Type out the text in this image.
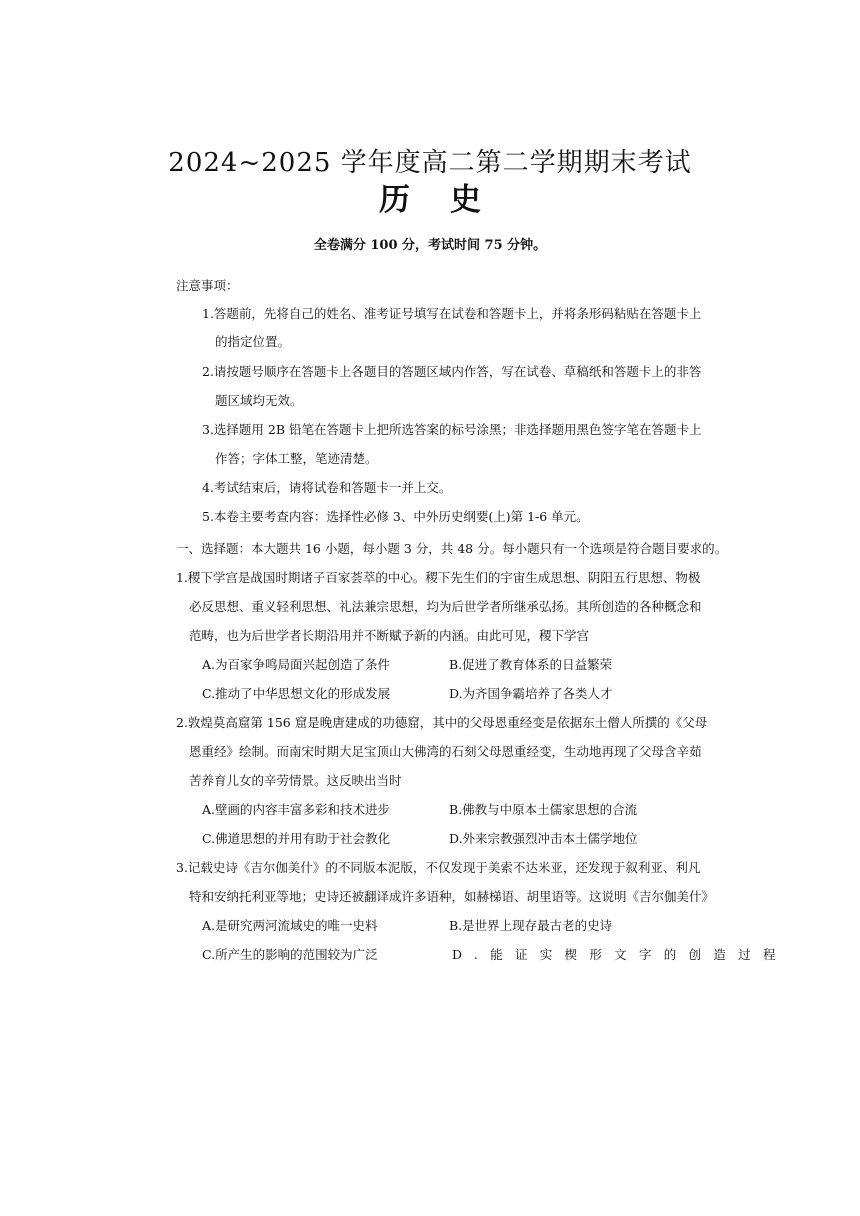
2024~2025 学年度高二第二学期期末考试
历史
全卷满分 100 分，考试时间 75 分钟。
注意事项：
1.答题前，先将自己的姓名、准考证号填写在试卷和答题卡上，并将条形码粘贴在答题卡上
的指定位置。
2.请按题号顺序在答题卡上各题目的答题区域内作答，写在试卷、草稿纸和答题卡上的非答
题区域均无效。
3.选择题用 2B 铅笔在答题卡上把所选答案的标号涂黑；非选择题用黑色签字笔在答题卡上
作答；字体工整，笔迹清楚。
4.考试结束后，请将试卷和答题卡一并上交。
5.本卷主要考查内容：选择性必修 3、中外历史纲要(上)第 1-6 单元。
一、选择题：本大题共 16 小题，每小题 3 分，共 48 分。每小题只有一个选项是符合题目要求的。
1.稷下学宫是战国时期诸子百家荟萃的中心。稷下先生们的宇宙生成思想、阴阳五行思想、物极
必反思想、重义轻利思想、礼法兼宗思想，均为后世学者所继承弘扬。其所创造的各种概念和
范畴，也为后世学者长期沿用并不断赋予新的内涵。由此可见，稷下学宫
A.为百家争鸣局面兴起创造了条件	B.促进了教育体系的日益繁荣
C.推动了中华思想文化的形成发展	D.为齐国争霸培养了各类人才
2.敦煌莫高窟第 156 窟是晚唐建成的功德窟，其中的父母恩重经变是依据东土僧人所撰的《父母
恩重经》绘制。而南宋时期大足宝顶山大佛湾的石刻父母恩重经变，生动地再现了父母含辛茹
苦养育儿女的辛劳情景。这反映出当时
A.壁画的内容丰富多彩和技术进步	B.佛教与中原本土儒家思想的合流
C.佛道思想的并用有助于社会教化	D.外来宗教强烈冲击本土儒学地位
3.记载史诗《吉尔伽美什》的不同版本泥版，不仅发现于美索不达米亚，还发现于叙利亚、利凡
特和安纳托利亚等地；史诗还被翻译成许多语种，如赫梯语、胡里语等。这说明《吉尔伽美什》
A.是研究两河流域史的唯一史料	B.是世界上现存最古老的史诗
C.所产生的影响的范围较为广泛	D.能证实楔形文字的创造过程
